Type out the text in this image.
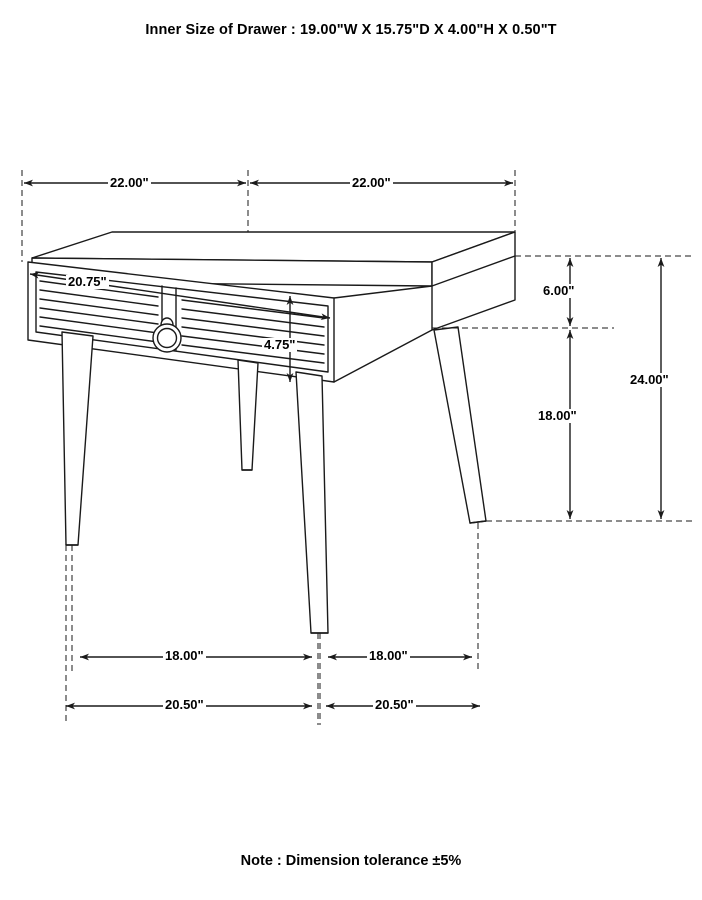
Inner Size of Drawer : 19.00"W X 15.75"D X 4.00"H X 0.50"T
22.00"	22.00"
20.75"
4.75"
6.00"
18.00"
24.00"
18.00"	18.00"
20.50"	20.50"
Note : Dimension tolerance ±5%
